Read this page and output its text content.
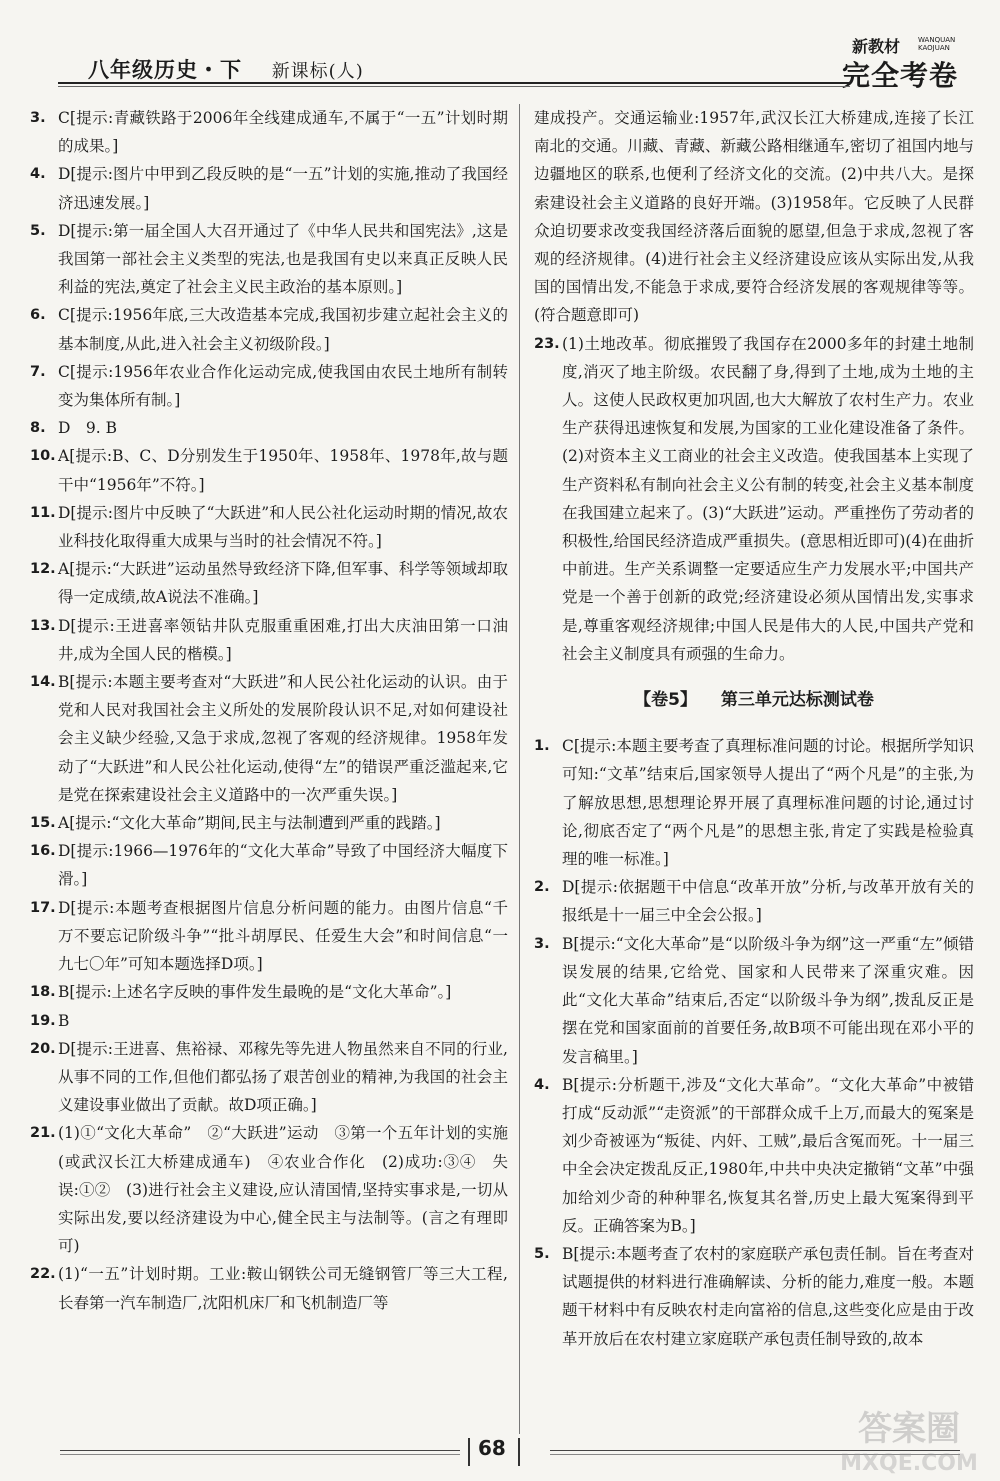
八年级历史・下 新课标(人)
新教材	WANQUAN
KAOJUAN
完全考卷
3. C[提示:青藏铁路于2006年全线建成通车,不属于“一五”计划时期的成果。]
4. D[提示:图片中甲到乙段反映的是“一五”计划的实施,推动了我国经济迅速发展。]
5. D[提示:第一届全国人大召开通过了《中华人民共和国宪法》,这是我国第一部社会主义类型的宪法,也是我国有史以来真正反映人民利益的宪法,奠定了社会主义民主政治的基本原则。]
6. C[提示:1956年底,三大改造基本完成,我国初步建立起社会主义的基本制度,从此,进入社会主义初级阶段。]
7. C[提示:1956年农业合作化运动完成,使我国由农民土地所有制转变为集体所有制。]
8. D　9. B
10. A[提示:B、C、D分别发生于1950年、1958年、1978年,故与题干中“1956年”不符。]
11. D[提示:图片中反映了“大跃进”和人民公社化运动时期的情况,故农业科技化取得重大成果与当时的社会情况不符。]
12. A[提示:“大跃进”运动虽然导致经济下降,但军事、科学等领域却取得一定成绩,故A说法不准确。]
13. D[提示:王进喜率领钻井队克服重重困难,打出大庆油田第一口油井,成为全国人民的楷模。]
14. B[提示:本题主要考查对“大跃进”和人民公社化运动的认识。由于党和人民对我国社会主义所处的发展阶段认识不足,对如何建设社会主义缺少经验,又急于求成,忽视了客观的经济规律。1958年发动了“大跃进”和人民公社化运动,使得“左”的错误严重泛滥起来,它是党在探索建设社会主义道路中的一次严重失误。]
15. A[提示:“文化大革命”期间,民主与法制遭到严重的践踏。]
16. D[提示:1966—1976年的“文化大革命”导致了中国经济大幅度下滑。]
17. D[提示:本题考查根据图片信息分析问题的能力。由图片信息“千万不要忘记阶级斗争”“批斗胡厚民、任爱生大会”和时间信息“一九七〇年”可知本题选择D项。]
18. B[提示:上述名字反映的事件发生最晚的是“文化大革命”。]
19. B
20. D[提示:王进喜、焦裕禄、邓稼先等先进人物虽然来自不同的行业,从事不同的工作,但他们都弘扬了艰苦创业的精神,为我国的社会主义建设事业做出了贡献。故D项正确。]
21. (1)①“文化大革命”　②“大跃进”运动　③第一个五年计划的实施(或武汉长江大桥建成通车)　④农业合作化　(2)成功:③④　失误:①②　(3)进行社会主义建设,应认清国情,坚持实事求是,一切从实际出发,要以经济建设为中心,健全民主与法制等。(言之有理即可)
22. (1)“一五”计划时期。工业:鞍山钢铁公司无缝钢管厂等三大工程,长春第一汽车制造厂,沈阳机床厂和飞机制造厂等
建成投产。交通运输业:1957年,武汉长江大桥建成,连接了长江南北的交通。川藏、青藏、新藏公路相继通车,密切了祖国内地与边疆地区的联系,也便利了经济文化的交流。(2)中共八大。是探索建设社会主义道路的良好开端。(3)1958年。它反映了人民群众迫切要求改变我国经济落后面貌的愿望,但急于求成,忽视了客观的经济规律。(4)进行社会主义经济建设应该从实际出发,从我国的国情出发,不能急于求成,要符合经济发展的客观规律等等。(符合题意即可)
23. (1)土地改革。彻底摧毁了我国存在2000多年的封建土地制度,消灭了地主阶级。农民翻了身,得到了土地,成为土地的主人。这使人民政权更加巩固,也大大解放了农村生产力。农业生产获得迅速恢复和发展,为国家的工业化建设准备了条件。(2)对资本主义工商业的社会主义改造。使我国基本上实现了生产资料私有制向社会主义公有制的转变,社会主义基本制度在我国建立起来了。(3)“大跃进”运动。严重挫伤了劳动者的积极性,给国民经济造成严重损失。(意思相近即可)(4)在曲折中前进。生产关系调整一定要适应生产力发展水平;中国共产党是一个善于创新的政党;经济建设必须从国情出发,实事求是,尊重客观经济规律;中国人民是伟大的人民,中国共产党和社会主义制度具有顽强的生命力。
【卷5】 第三单元达标测试卷
1. C[提示:本题主要考查了真理标准问题的讨论。根据所学知识可知:“文革”结束后,国家领导人提出了“两个凡是”的主张,为了解放思想,思想理论界开展了真理标准问题的讨论,通过讨论,彻底否定了“两个凡是”的思想主张,肯定了实践是检验真理的唯一标准。]
2. D[提示:依据题干中信息“改革开放”分析,与改革开放有关的报纸是十一届三中全会公报。]
3. B[提示:“文化大革命”是“以阶级斗争为纲”这一严重“左”倾错误发展的结果,它给党、国家和人民带来了深重灾难。因此“文化大革命”结束后,否定“以阶级斗争为纲”,拨乱反正是摆在党和国家面前的首要任务,故B项不可能出现在邓小平的发言稿里。]
4. B[提示:分析题干,涉及“文化大革命”。“文化大革命”中被错打成“反动派”“走资派”的干部群众成千上万,而最大的冤案是刘少奇被诬为“叛徒、内奸、工贼”,最后含冤而死。十一届三中全会决定拨乱反正,1980年,中共中央决定撤销“文革”中强加给刘少奇的种种罪名,恢复其名誉,历史上最大冤案得到平反。正确答案为B。]
5. B[提示:本题考查了农村的家庭联产承包责任制。旨在考查对试题提供的材料进行准确解读、分析的能力,难度一般。本题题干材料中有反映农村走向富裕的信息,这些变化应是由于改革开放后在农村建立家庭联产承包责任制导致的,故本
68	答案圈
MXQE.COM
